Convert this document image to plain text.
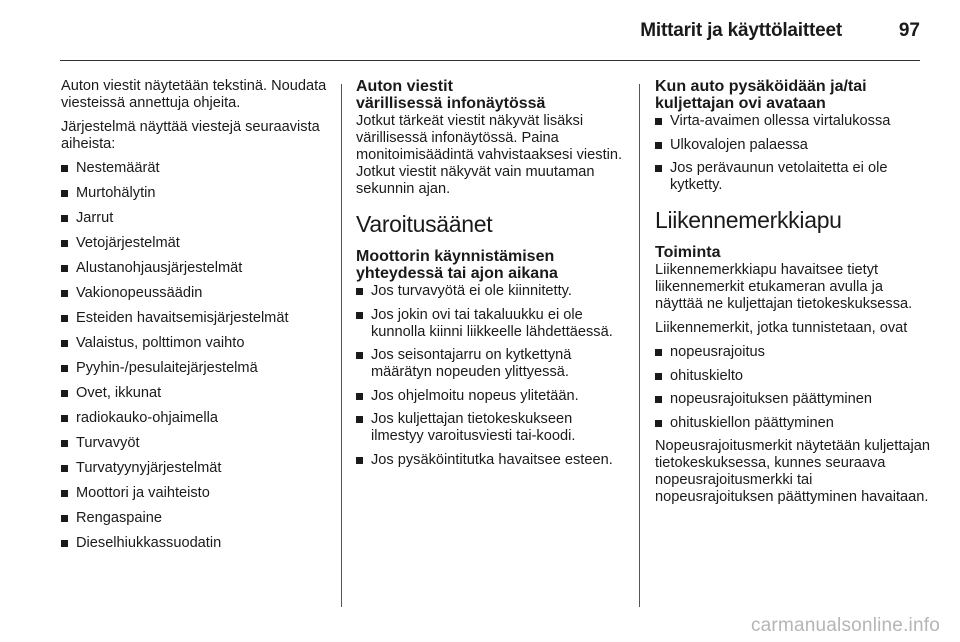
Mittarit ja käyttölaitteet	97

Auton viestit näytetään tekstinä. Noudata viesteissä annettuja ohjeita.

Järjestelmä näyttää viestejä seuraavista aiheista:

Nestemäärät
Murtohälytin
Jarrut
Vetojärjestelmät
Alustanohjausjärjestelmät
Vakionopeussäädin
Esteiden havaitsemisjärjestelmät
Valaistus, polttimon vaihto
Pyyhin-/pesulaitejärjestelmä
Ovet, ikkunat
radiokauko-ohjaimella
Turvavyöt
Turvatyynyjärjestelmät
Moottori ja vaihteisto
Rengaspaine
Dieselhiukkassuodatin
Auton viestit
värillisessä infonäytössä

Jotkut tärkeät viestit näkyvät lisäksi värillisessä infonäytössä. Paina monitoimisäädintä vahvistaaksesi viestin. Jotkut viestit näkyvät vain muutaman sekunnin ajan.

Varoitusäänet
Moottorin käynnistämisen
yhteydessä tai ajon aikana
Jos turvavyötä ei ole kiinnitetty.
Jos jokin ovi tai takaluukku ei ole kunnolla kiinni liikkeelle lähdettäessä.
Jos seisontajarru on kytkettynä määrätyn nopeuden ylittyessä.
Jos ohjelmoitu nopeus ylitetään.
Jos kuljettajan tietokeskukseen ilmestyy varoitusviesti tai-koodi.
Jos pysäköintitutka havaitsee esteen.
Kun auto pysäköidään ja/tai
kuljettajan ovi avataan
Virta-avaimen ollessa virtalukossa
Ulkovalojen palaessa
Jos perävaunun vetolaitetta ei ole kytketty.
Liikennemerkkiapu
Toiminta

Liikennemerkkiapu havaitsee tietyt liikennemerkit etukameran avulla ja näyttää ne kuljettajan tietokeskuksessa.

Liikennemerkit, jotka tunnistetaan, ovat

nopeusrajoitus
ohituskielto
nopeusrajoituksen päättyminen
ohituskiellon päättyminen

Nopeusrajoitusmerkit näytetään kuljettajan tietokeskuksessa, kunnes seuraava nopeusrajoitusmerkki tai nopeusrajoituksen päättyminen havaitaan.

carmanualsonline.info
